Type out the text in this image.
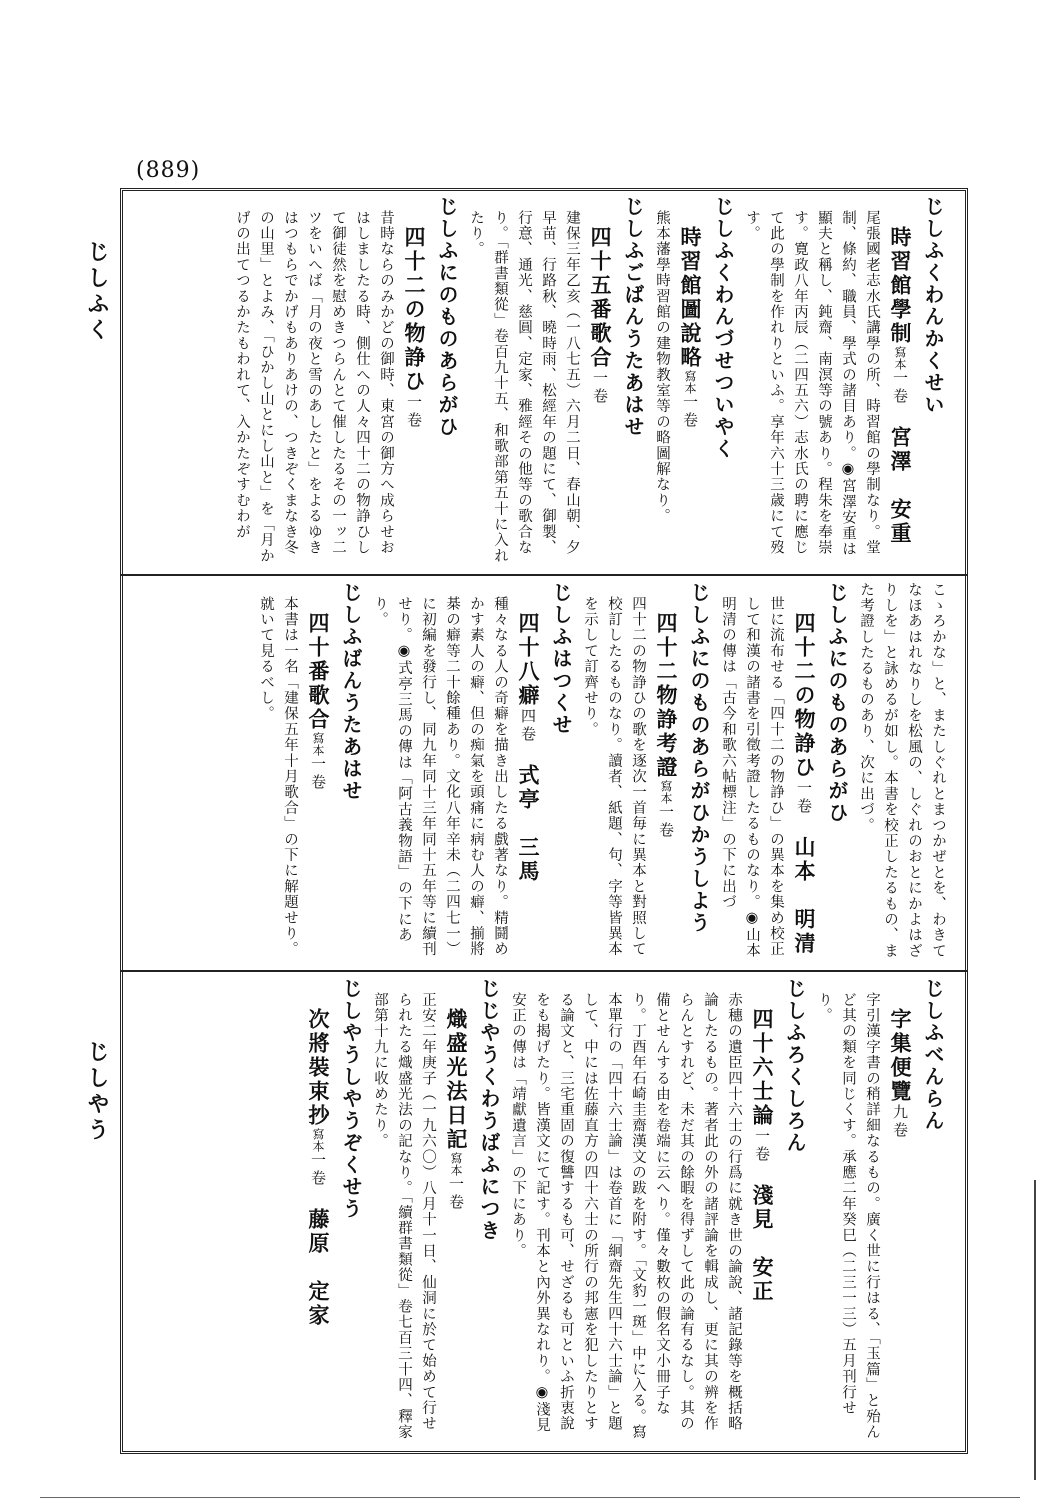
(889)
じしふく
じしやう
じしふくわんかくせい
時習館學制寫本一卷宮澤　安重
尾張國老志水氏講學の所、時習館の學制なり。堂制、條約、職員、學式の諸目あり。◉宮澤安重は顯夫と稱し、鈍齋、南溟等の號あり。程朱を奉崇す。寛政八年丙辰（二四五六）志水氏の聘に應じて此の學制を作れりといふ。享年六十三歳にて歿す。
じしふくわんづせついやく
時習館圖說略寫本一卷
熊本藩學時習館の建物教室等の略圖解なり。
じしふごばんうたあはせ
四十五番歌合一卷
建保三年乙亥（一八七五）六月二日、春山朝、夕早苗、行路秋、曉時雨、松經年の題にて、御製、行意、通光、慈圓、定家、雅經その他等の歌合なり。「群書類從」卷百九十五、和歌部第五十に入れたり。
じしふにのものあらがひ
四十二の物諍ひ一卷
昔時ならのみかどの御時、東宮の御方へ成らせおはしましたる時、側仕への人々四十二の物諍ひして御徒然を慰めきつらんとて催したるその一ッ二ツをいへば「月の夜と雪のあしたと」をよるゆきはつもらでかげもありあけの、つきぞくまなき冬の山里」とよみ、「ひかし山とにし山と」を「月かげの出てつるかたもわれて、入かたぞすむわが
こゝろかな」と、またしぐれとまつかぜとを、わきてなほあはれなりしを松風の、しぐれのおとにかよはざりしを」と詠めるが如し。本書を校正したるもの、また考證したるものあり、次に出づ。
じしふにのものあらがひ
四十二の物諍ひ一卷山本　明清
世に流布せる「四十二の物諍ひ」の異本を集め校正して和漢の諸書を引徵考證したるものなり。◉山本明清の傳は「古今和歌六帖標注」の下に出づ
じしふにのものあらがひかうしよう
四十二物諍考證寫本一卷
四十二の物諍ひの歌を逐次一首毎に異本と對照して校訂したるものなり。讀者、紙題、句、字等皆異本を示して訂齊せり。
じしふはつくせ
四十八癖四卷式亭　三馬
種々なる人の奇癖を描き出したる戲著なり。精鬪めかす素人の癖、但の痴氣を頭痛に病む人の癖、揃將棊の癖等二十餘種あり。文化八年辛未（二四七一）に初編を發行し、同九年同十三年同十五年等に續刊せり。◉式亭三馬の傳は「阿古義物語」の下にあり。
じしふばんうたあはせ
四十番歌合寫本一卷
本書は一名「建保五年十月歌合」の下に解題せり。就いて見るべし。
じしふべんらん
字集便覽九卷
字引漢字書の稍詳細なるもの。廣く世に行はる、「玉篇」と殆んど其の類を同じくす。承應二年癸巳（二三一三）五月刊行せり。
じしふろくしろん
四十六士論一卷淺見　安正
赤穗の遺臣四十六士の行爲に就き世の論說、諸記錄等を概括略論したるもの。著者此の外の諸評論を輯成し、更に其の辨を作らんとすれど、未だ其の餘暇を得ずして此の論有るなし。其の備とせんする由を卷端に云へり。僅々數枚の假名文小冊子なり。丁酉年石崎圭齋漢文の跋を附す。「文豹一斑」中に入る。寫本單行の「四十六士論」は卷首に「絅齋先生四十六士論」と題して、中には佐藤直方の四十六士の所行の邦憲を犯したりとする論文と、三宅重固の復讐するも可、せざるも可といふ折衷說をも揭げたり。皆漢文にて記す。刊本と內外異なれり。◉淺見安正の傳は「靖獻遺言」の下にあり。
じじやうくわうばふにつき
熾盛光法日記寫本一卷
正安二年庚子（一九六〇）八月十一日、仙洞に於て始めて行せられたる熾盛光法の記なり。「續群書類從」卷七百三十四、釋家部第十九に收めたり。
じしやうしやうぞくせう
次將裝束抄寫本一卷藤原　定家
